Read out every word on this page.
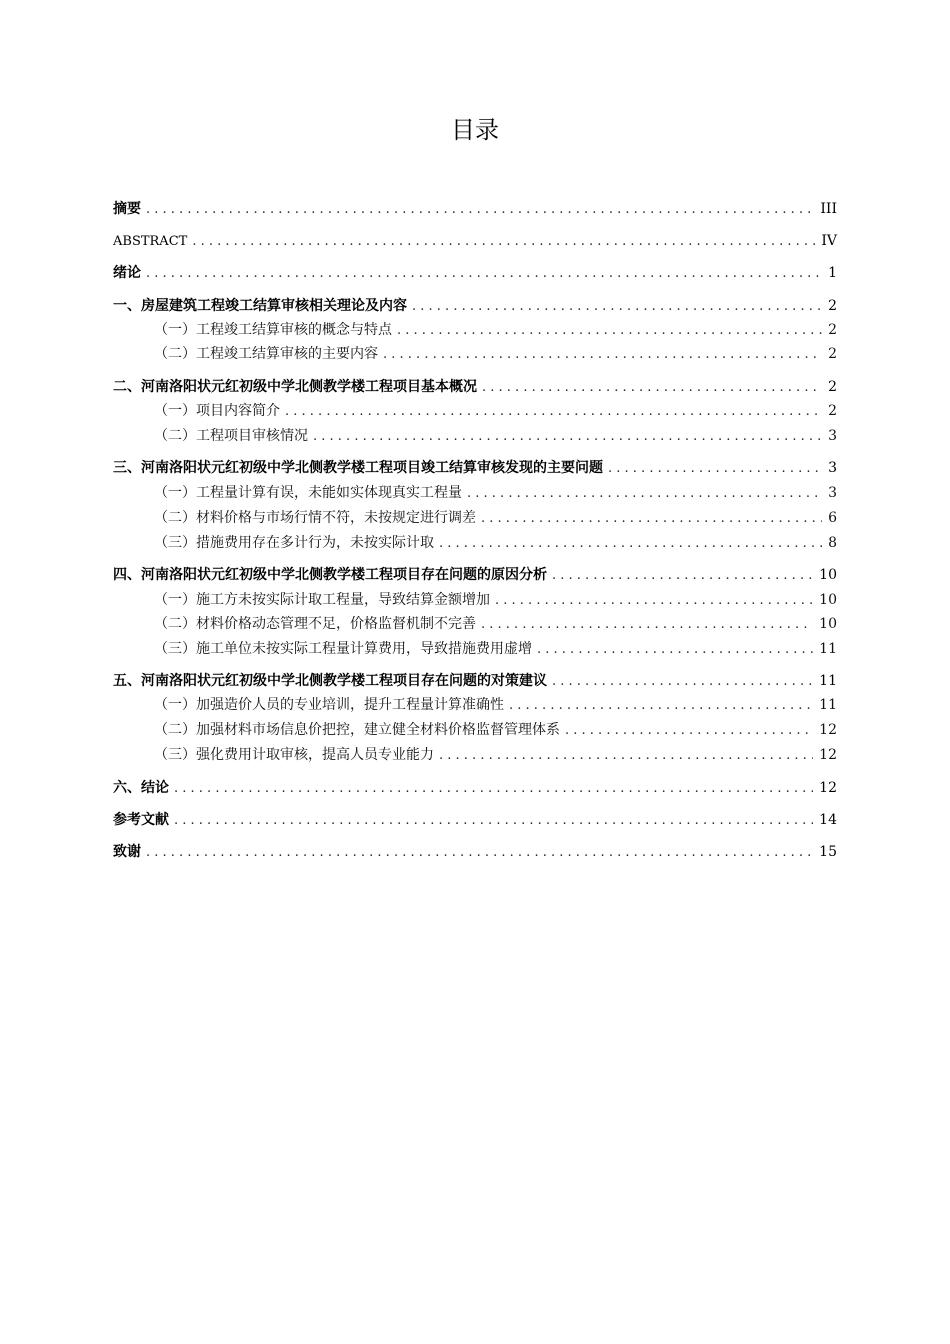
目录
摘要 . . .	III
ABSTRACT . . .	IV
绪论 . . .	1
一、 房屋建筑工程竣工结算审核相关理论及内容 . . .	2
（一）工程竣工结算审核的概念与特点 . . .	2
（二）工程竣工结算审核的主要内容 . . .	2
二、 河南洛阳状元红初级中学北侧教学楼工程项目基本概况 . . .	2
（一）项目内容简介 . . .	2
（二）工程项目审核情况 . . .	3
三、 河南洛阳状元红初级中学北侧教学楼工程项目竣工结算审核发现的主要问题 . . .	3
（一）工程量计算有误，未能如实体现真实工程量 . . .	3
（二）材料价格与市场行情不符，未按规定进行调差 . . .	6
（三）措施费用存在多计行为，未按实际计取 . . .	8
四、 河南洛阳状元红初级中学北侧教学楼工程项目存在问题的原因分析 . . .	10
（一）施工方未按实际计取工程量，导致结算金额增加 . . .	10
（二）材料价格动态管理不足，价格监督机制不完善 . . .	10
（三）施工单位未按实际工程量计算费用，导致措施费用虚增 . . .	11
五、 河南洛阳状元红初级中学北侧教学楼工程项目存在问题的对策建议 . . .	11
（一）加强造价人员的专业培训，提升工程量计算准确性 . . .	11
（二）加强材料市场信息价把控，建立健全材料价格监督管理体系 . . .	12
（三）强化费用计取审核，提高人员专业能力 . . .	12
六、 结论 . . .	12
参考文献 . . .	14
致谢 . . .	15
